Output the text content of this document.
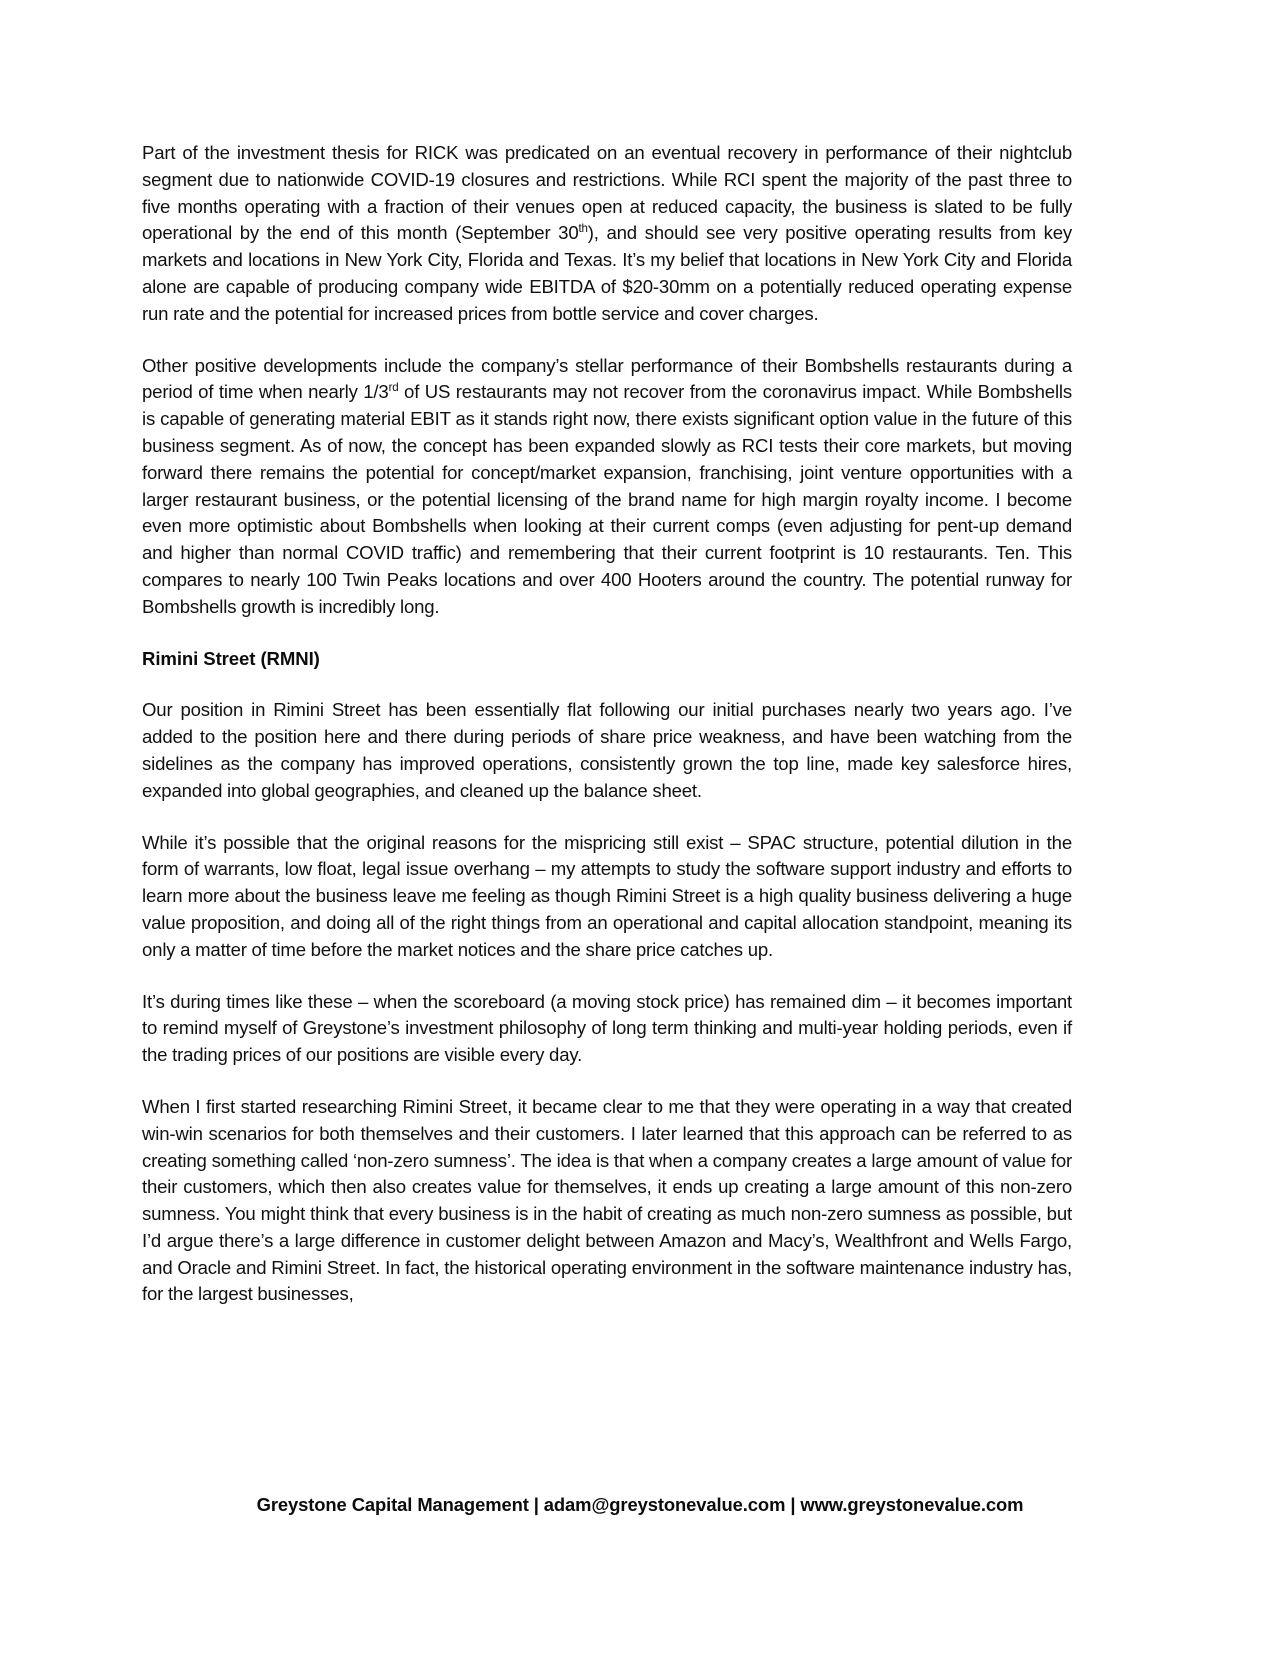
Part of the investment thesis for RICK was predicated on an eventual recovery in performance of their nightclub segment due to nationwide COVID-19 closures and restrictions. While RCI spent the majority of the past three to five months operating with a fraction of their venues open at reduced capacity, the business is slated to be fully operational by the end of this month (September 30th), and should see very positive operating results from key markets and locations in New York City, Florida and Texas. It’s my belief that locations in New York City and Florida alone are capable of producing company wide EBITDA of $20-30mm on a potentially reduced operating expense run rate and the potential for increased prices from bottle service and cover charges.

Other positive developments include the company’s stellar performance of their Bombshells restaurants during a period of time when nearly 1/3rd of US restaurants may not recover from the coronavirus impact. While Bombshells is capable of generating material EBIT as it stands right now, there exists significant option value in the future of this business segment. As of now, the concept has been expanded slowly as RCI tests their core markets, but moving forward there remains the potential for concept/market expansion, franchising, joint venture opportunities with a larger restaurant business, or the potential licensing of the brand name for high margin royalty income. I become even more optimistic about Bombshells when looking at their current comps (even adjusting for pent-up demand and higher than normal COVID traffic) and remembering that their current footprint is 10 restaurants. Ten. This compares to nearly 100 Twin Peaks locations and over 400 Hooters around the country. The potential runway for Bombshells growth is incredibly long.

Rimini Street (RMNI)

Our position in Rimini Street has been essentially flat following our initial purchases nearly two years ago. I’ve added to the position here and there during periods of share price weakness, and have been watching from the sidelines as the company has improved operations, consistently grown the top line, made key salesforce hires, expanded into global geographies, and cleaned up the balance sheet.

While it’s possible that the original reasons for the mispricing still exist – SPAC structure, potential dilution in the form of warrants, low float, legal issue overhang – my attempts to study the software support industry and efforts to learn more about the business leave me feeling as though Rimini Street is a high quality business delivering a huge value proposition, and doing all of the right things from an operational and capital allocation standpoint, meaning its only a matter of time before the market notices and the share price catches up.

It’s during times like these – when the scoreboard (a moving stock price) has remained dim – it becomes important to remind myself of Greystone’s investment philosophy of long term thinking and multi-year holding periods, even if the trading prices of our positions are visible every day.

When I first started researching Rimini Street, it became clear to me that they were operating in a way that created win-win scenarios for both themselves and their customers. I later learned that this approach can be referred to as creating something called ‘non-zero sumness’. The idea is that when a company creates a large amount of value for their customers, which then also creates value for themselves, it ends up creating a large amount of this non-zero sumness. You might think that every business is in the habit of creating as much non-zero sumness as possible, but I’d argue there’s a large difference in customer delight between Amazon and Macy’s, Wealthfront and Wells Fargo, and Oracle and Rimini Street. In fact, the historical operating environment in the software maintenance industry has, for the largest businesses,

Greystone Capital Management | adam@greystonevalue.com | www.greystonevalue.com
